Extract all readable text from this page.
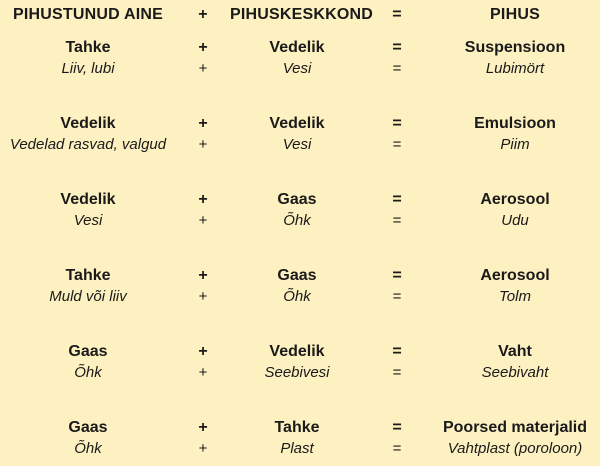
PIHUSTUNUD AINE	+	PIHUSKESKKOND	=	PIHUS
Tahke	+	Vedelik	=	Suspensioon
Liiv, lubi	+	Vesi	=	Lubimört
Vedelik	+	Vedelik	=	Emulsioon
Vedelad rasvad, valgud	+	Vesi	=	Piim
Vedelik	+	Gaas	=	Aerosool
Vesi	+	Õhk	=	Udu
Tahke	+	Gaas	=	Aerosool
Muld või liiv	+	Õhk	=	Tolm
Gaas	+	Vedelik	=	Vaht
Õhk	+	Seebivesi	=	Seebivaht
Gaas	+	Tahke	=	Poorsed materjalid
Õhk	+	Plast	=	Vahtplast (poroloon)
